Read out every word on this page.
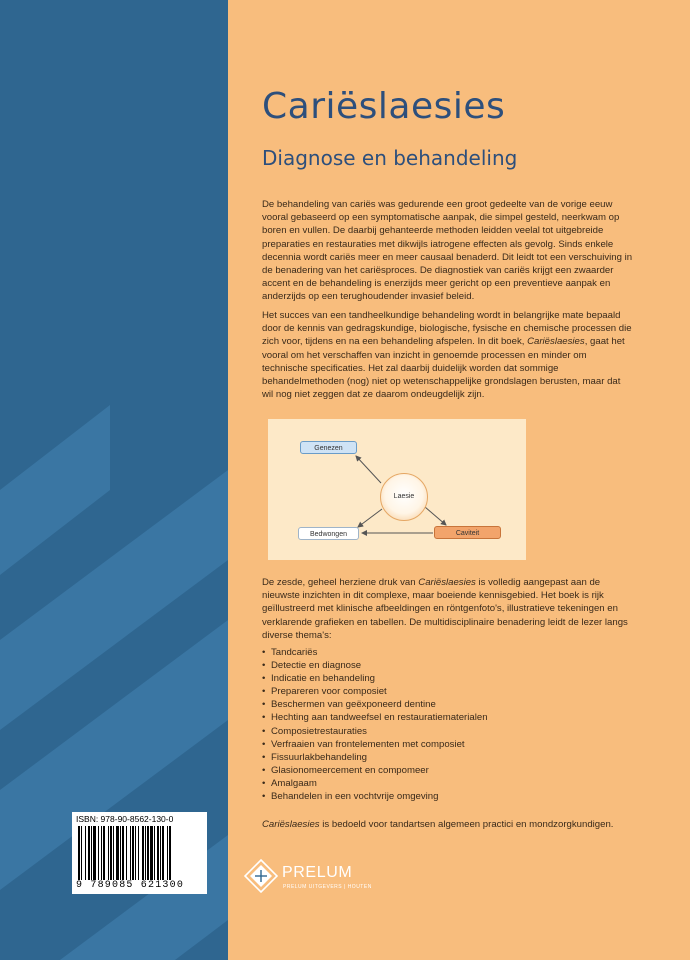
Cariëslaesies
Diagnose en behandeling
De behandeling van cariës was gedurende een groot gedeelte van de vorige eeuw vooral gebaseerd op een symptomatische aanpak, die simpel gesteld, neerkwam op boren en vullen. De daarbij gehanteerde methoden leidden veelal tot uitgebreide preparaties en restauraties met dikwijls iatrogene effecten als gevolg. Sinds enkele decennia wordt cariës meer en meer causaal benaderd. Dit leidt tot een verschuiving in de benadering van het cariësproces. De diagnostiek van cariës krijgt een zwaarder accent en de behandeling is enerzijds meer gericht op een preventieve aanpak en anderzijds op een terughoudender invasief beleid.
Het succes van een tandheelkundige behandeling wordt in belangrijke mate bepaald door de kennis van gedragskundige, biologische, fysische en chemische processen die zich voor, tijdens en na een behandeling afspelen. In dit boek, Cariëslaesies, gaat het vooral om het verschaffen van inzicht in genoemde processen en minder om technische specificaties. Het zal daarbij duidelijk worden dat sommige behandelmethoden (nog) niet op wetenschappelijke grondslagen berusten, maar dat wil nog niet zeggen dat ze daarom ondeugdelijk zijn.
Genezen
Laesie
Bedwongen	Caviteit
De zesde, geheel herziene druk van Cariëslaesies is volledig aangepast aan de nieuwste inzichten in dit complexe, maar boeiende kennisgebied. Het boek is rijk geïllustreerd met klinische afbeeldingen en röntgenfoto's, illustratieve tekeningen en verklarende grafieken en tabellen. De multidisciplinaire benadering leidt de lezer langs diverse thema's:
• Tandcariës
• Detectie en diagnose
• Indicatie en behandeling
• Prepareren voor composiet
• Beschermen van geëxponeerd dentine
• Hechting aan tandweefsel en restauratiematerialen
• Composietrestauraties
• Verfraaien van frontelementen met composiet
• Fissuurlakbehandeling
• Glasionomeercement en compomeer
• Amalgaam
• Behandelen in een vochtvrije omgeving
Cariëslaesies is bedoeld voor tandartsen algemeen practici en mondzorgkundigen.
ISBN: 978-90-8562-130-0
9 789085 621300
PRELUM
PRELUM UITGEVERS | HOUTEN
